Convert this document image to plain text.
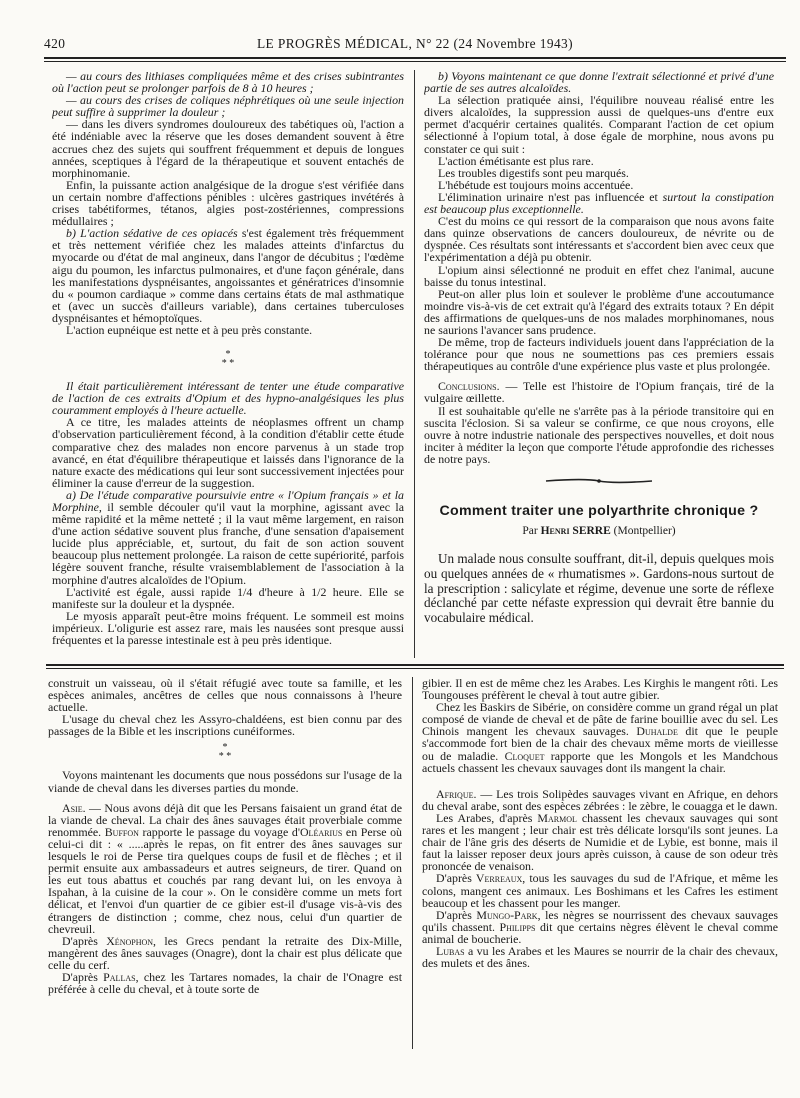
420	LE PROGRÈS MÉDICAL, N° 22 (24 Novembre 1943)

— au cours des lithiases compliquées même et des crises subintrantes où l'action peut se prolonger parfois de 8 à 10 heures ;

— au cours des crises de coliques néphrétiques où une seule injection peut suffire à supprimer la douleur ;

— dans les divers syndromes douloureux des tabétiques où, l'action a été indéniable avec la réserve que les doses demandent souvent à être accrues chez des sujets qui souffrent fréquemment et depuis de longues années, sceptiques à l'égard de la thérapeutique et souvent entachés de morphinomanie.

Enfin, la puissante action analgésique de la drogue s'est vérifiée dans un certain nombre d'affections pénibles : ulcères gastriques invétérés à crises tabétiformes, tétanos, algies post-zostériennes, compressions médullaires ;

b) L'action sédative de ces opiacés s'est également très fréquemment et très nettement vérifiée chez les malades atteints d'infarctus du myocarde ou d'état de mal angineux, dans l'angor de décubitus ; l'œdème aigu du poumon, les infarctus pulmonaires, et d'une façon générale, dans les manifestations dyspnéisantes, angoissantes et génératrices d'insomnie du « poumon cardiaque » comme dans certains états de mal asthmatique et (avec un succès d'ailleurs variable), dans certaines tuberculoses dyspnéisantes et hémoptoïques.

L'action eupnéique est nette et à peu près constante.

*
* *

Il était particulièrement intéressant de tenter une étude comparative de l'action de ces extraits d'Opium et des hypno-analgésiques les plus couramment employés à l'heure actuelle.

A ce titre, les malades atteints de néoplasmes offrent un champ d'observation particulièrement fécond, à la condition d'établir cette étude comparative chez des malades non encore parvenus à un stade trop avancé, en état d'équilibre thérapeutique et laissés dans l'ignorance de la nature exacte des médications qui leur sont successivement injectées pour éliminer la cause d'erreur de la suggestion.

a) De l'étude comparative poursuivie entre « l'Opium français » et la Morphine, il semble découler qu'il vaut la morphine, agissant avec la même rapidité et la même netteté ; il la vaut même largement, en raison d'une action sédative souvent plus franche, d'une sensation d'apaisement lucide plus appréciable, et, surtout, du fait de son action souvent beaucoup plus nettement prolongée. La raison de cette supériorité, parfois légère souvent franche, résulte vraisemblablement de l'association à la morphine d'autres alcaloïdes de l'Opium.

L'activité est égale, aussi rapide 1/4 d'heure à 1/2 heure. Elle se manifeste sur la douleur et la dyspnée.

Le myosis apparaît peut-être moins fréquent. Le sommeil est moins impérieux. L'oligurie est assez rare, mais les nausées sont presque aussi fréquentes et la paresse intestinale est à peu près identique.

b) Voyons maintenant ce que donne l'extrait sélectionné et privé d'une partie de ses autres alcaloïdes.

La sélection pratiquée ainsi, l'équilibre nouveau réalisé entre les divers alcaloïdes, la suppression aussi de quelques-uns d'entre eux permet d'acquérir certaines qualités. Comparant l'action de cet opium sélectionné à l'opium total, à dose égale de morphine, nous avons pu constater ce qui suit :

L'action émétisante est plus rare.

Les troubles digestifs sont peu marqués.

L'hébétude est toujours moins accentuée.

L'élimination urinaire n'est pas influencée et surtout la constipation est beaucoup plus exceptionnelle.

C'est du moins ce qui ressort de la comparaison que nous avons faite dans quinze observations de cancers douloureux, de névrite ou de dyspnée. Ces résultats sont intéressants et s'accordent bien avec ceux que l'expérimentation a déjà pu obtenir.

L'opium ainsi sélectionné ne produit en effet chez l'animal, aucune baisse du tonus intestinal.

Peut-on aller plus loin et soulever le problème d'une accoutumance moindre vis-à-vis de cet extrait qu'à l'égard des extraits totaux ? En dépit des affirmations de quelques-uns de nos malades morphinomanes, nous ne saurions l'avancer sans prudence.

De même, trop de facteurs individuels jouent dans l'appréciation de la tolérance pour que nous ne soumettions pas ces premiers essais thérapeutiques au contrôle d'une expérience plus vaste et plus prolongée.

Conclusions. — Telle est l'histoire de l'Opium français, tiré de la vulgaire œillette.

Il est souhaitable qu'elle ne s'arrête pas à la période transitoire qui en suscita l'éclosion. Si sa valeur se confirme, ce que nous croyons, elle ouvre à notre industrie nationale des perspectives nouvelles, et doit nous inciter à méditer la leçon que comporte l'étude approfondie des richesses de notre pays.

Comment traiter une polyarthrite chronique ?
Par Henri SERRE (Montpellier)

Un malade nous consulte souffrant, dit-il, depuis quelques mois ou quelques années de « rhumatismes ». Gardons-nous surtout de la prescription : salicylate et régime, devenue une sorte de réflexe déclanché par cette néfaste expression qui devrait être bannie du vocabulaire médical.

construit un vaisseau, où il s'était réfugié avec toute sa famille, et les espèces animales, ancêtres de celles que nous connaissons à l'heure actuelle.

L'usage du cheval chez les Assyro-chaldéens, est bien connu par des passages de la Bible et les inscriptions cunéiformes.

*
* *

Voyons maintenant les documents que nous possédons sur l'usage de la viande de cheval dans les diverses parties du monde.

Asie. — Nous avons déjà dit que les Persans faisaient un grand état de la viande de cheval. La chair des ânes sauvages était proverbiale comme renommée. Buffon rapporte le passage du voyage d'Oléarius en Perse où celui-ci dit : « .....après le repas, on fit entrer des ânes sauvages sur lesquels le roi de Perse tira quelques coups de fusil et de flèches ; et il permit ensuite aux ambassadeurs et autres seigneurs, de tirer. Quand on les eut tous abattus et couchés par rang devant lui, on les envoya à Ispahan, à la cuisine de la cour ». On le considère comme un mets fort délicat, et l'envoi d'un quartier de ce gibier est-il d'usage vis-à-vis des étrangers de distinction ; comme, chez nous, celui d'un quartier de chevreuil.

D'après Xénophon, les Grecs pendant la retraite des Dix-Mille, mangèrent des ânes sauvages (Onagre), dont la chair est plus délicate que celle du cerf.

D'après Pallas, chez les Tartares nomades, la chair de l'Onagre est préférée à celle du cheval, et à toute sorte de

gibier. Il en est de même chez les Arabes. Les Kirghis le mangent rôti. Les Toungouses préfèrent le cheval à tout autre gibier.

Chez les Baskirs de Sibérie, on considère comme un grand régal un plat composé de viande de cheval et de pâte de farine bouillie avec du sel. Les Chinois mangent les chevaux sauvages. Duhalde dit que le peuple s'accommode fort bien de la chair des chevaux même morts de vieillesse ou de maladie. Cloquet rapporte que les Mongols et les Mandchous actuels chassent les chevaux sauvages dont ils mangent la chair.

Afrique. — Les trois Solipèdes sauvages vivant en Afrique, en dehors du cheval arabe, sont des espèces zébrées : le zèbre, le couagga et le dawn.

Les Arabes, d'après Marmol chassent les chevaux sauvages qui sont rares et les mangent ; leur chair est très délicate lorsqu'ils sont jeunes. La chair de l'âne gris des déserts de Numidie et de Lybie, est bonne, mais il faut la laisser reposer deux jours après cuisson, à cause de son odeur très prononcée de venaison.

D'après Verreaux, tous les sauvages du sud de l'Afrique, et même les colons, mangent ces animaux. Les Boshimans et les Cafres les estiment beaucoup et les chassent pour les manger.

D'après Mungo-Park, les nègres se nourrissent des chevaux sauvages qu'ils chassent. Philipps dit que certains nègres élèvent le cheval comme animal de boucherie.

Lubas a vu les Arabes et les Maures se nourrir de la chair des chevaux, des mulets et des ânes.
